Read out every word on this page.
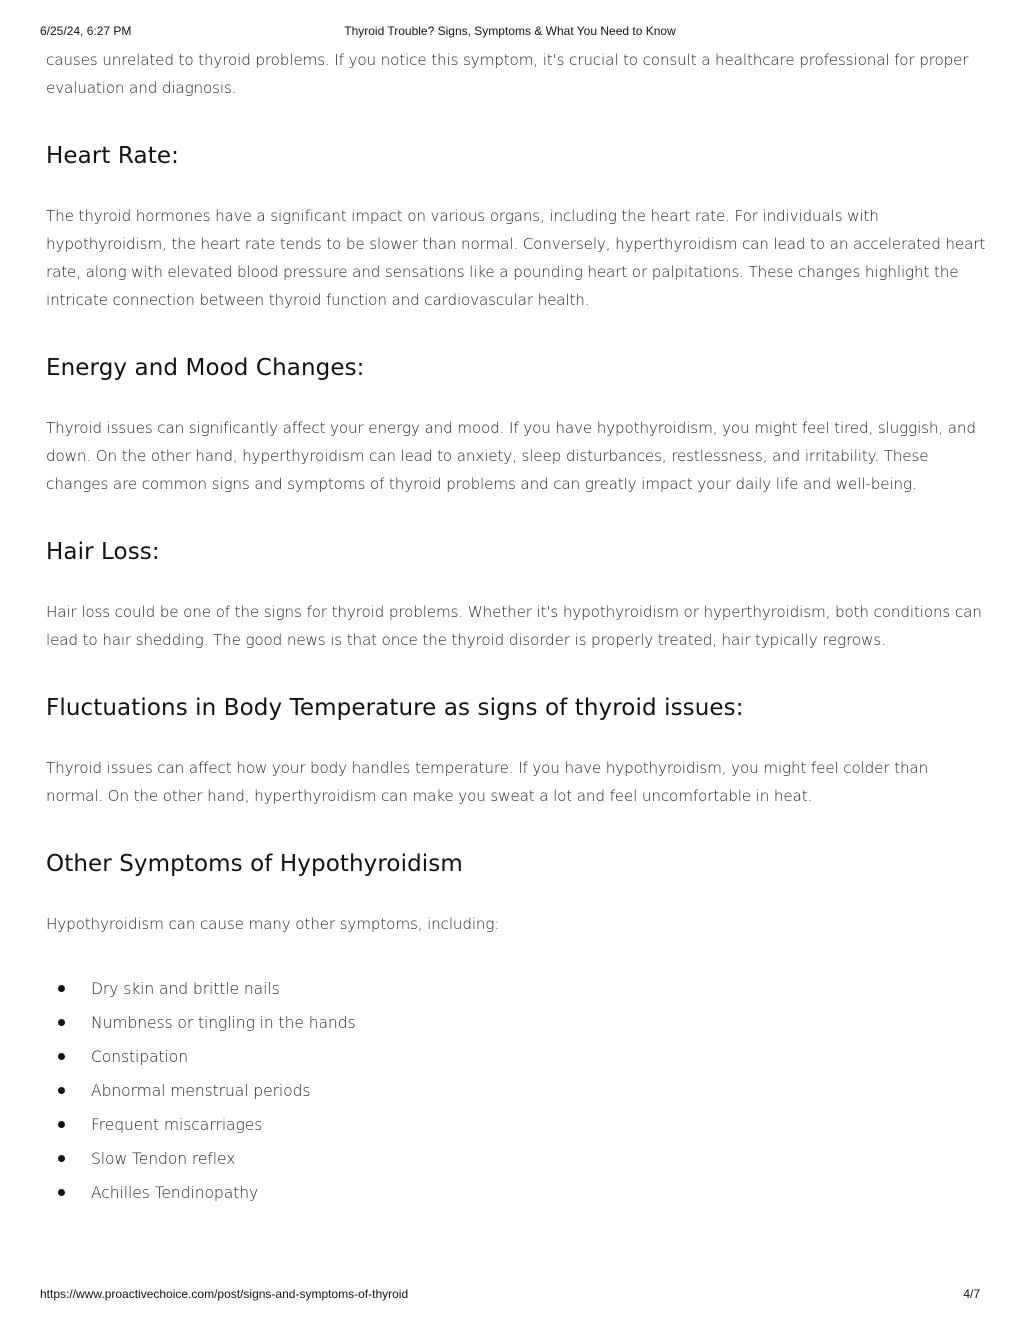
6/25/24, 6:27 PM	Thyroid Trouble? Signs, Symptoms & What You Need to Know

causes unrelated to thyroid problems. If you notice this symptom, it's crucial to consult a healthcare professional for proper evaluation and diagnosis.

Heart Rate:

The thyroid hormones have a significant impact on various organs, including the heart rate. For individuals with hypothyroidism, the heart rate tends to be slower than normal. Conversely, hyperthyroidism can lead to an accelerated heart rate, along with elevated blood pressure and sensations like a pounding heart or palpitations. These changes highlight the intricate connection between thyroid function and cardiovascular health.

Energy and Mood Changes:

Thyroid issues can significantly affect your energy and mood. If you have hypothyroidism, you might feel tired, sluggish, and down. On the other hand, hyperthyroidism can lead to anxiety, sleep disturbances, restlessness, and irritability. These changes are common signs and symptoms of thyroid problems and can greatly impact your daily life and well-being.

Hair Loss:

Hair loss could be one of the signs for thyroid problems. Whether it's hypothyroidism or hyperthyroidism, both conditions can lead to hair shedding. The good news is that once the thyroid disorder is properly treated, hair typically regrows.

Fluctuations in Body Temperature as signs of thyroid issues:

Thyroid issues can affect how your body handles temperature. If you have hypothyroidism, you might feel colder than normal. On the other hand, hyperthyroidism can make you sweat a lot and feel uncomfortable in heat.

Other Symptoms of Hypothyroidism

Hypothyroidism can cause many other symptoms, including:

Dry skin and brittle nails
Numbness or tingling in the hands
Constipation
Abnormal menstrual periods
Frequent miscarriages
Slow Tendon reflex
Achilles Tendinopathy
https://www.proactivechoice.com/post/signs-and-symptoms-of-thyroid	4/7
